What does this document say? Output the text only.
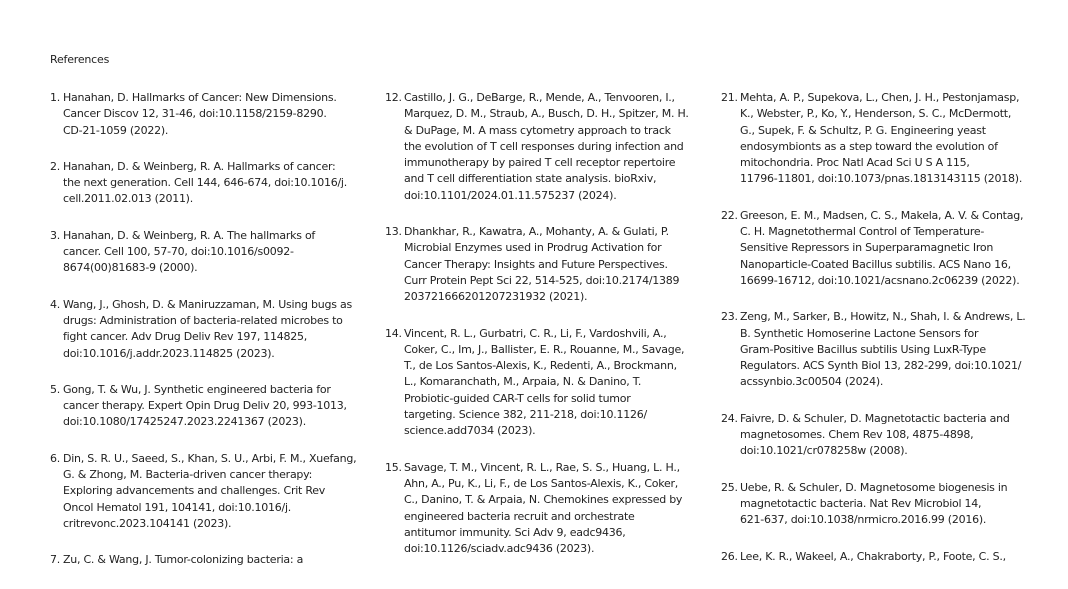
References
1. Hanahan, D. Hallmarks of Cancer: New Dimensions.
Cancer Discov 12, 31-46, doi:10.1158/2159-8290.
CD-21-1059 (2022).
2. Hanahan, D. & Weinberg, R. A. Hallmarks of cancer:
the next generation. Cell 144, 646-674, doi:10.1016/j.
cell.2011.02.013 (2011).
3. Hanahan, D. & Weinberg, R. A. The hallmarks of
cancer. Cell 100, 57-70, doi:10.1016/s0092-
8674(00)81683-9 (2000).
4. Wang, J., Ghosh, D. & Maniruzzaman, M. Using bugs as
drugs: Administration of bacteria-related microbes to
fight cancer. Adv Drug Deliv Rev 197, 114825,
doi:10.1016/j.addr.2023.114825 (2023).
5. Gong, T. & Wu, J. Synthetic engineered bacteria for
cancer therapy. Expert Opin Drug Deliv 20, 993-1013,
doi:10.1080/17425247.2023.2241367 (2023).
6. Din, S. R. U., Saeed, S., Khan, S. U., Arbi, F. M., Xuefang,
G. & Zhong, M. Bacteria-driven cancer therapy:
Exploring advancements and challenges. Crit Rev
Oncol Hematol 191, 104141, doi:10.1016/j.
critrevonc.2023.104141 (2023).
7. Zu, C. & Wang, J. Tumor-colonizing bacteria: a
12. Castillo, J. G., DeBarge, R., Mende, A., Tenvooren, I.,
Marquez, D. M., Straub, A., Busch, D. H., Spitzer, M. H.
& DuPage, M. A mass cytometry approach to track
the evolution of T cell responses during infection and
immunotherapy by paired T cell receptor repertoire
and T cell differentiation state analysis. bioRxiv,
doi:10.1101/2024.01.11.575237 (2024).
13. Dhankhar, R., Kawatra, A., Mohanty, A. & Gulati, P.
Microbial Enzymes used in Prodrug Activation for
Cancer Therapy: Insights and Future Perspectives.
Curr Protein Pept Sci 22, 514-525, doi:10.2174/1389
203721666201207231932 (2021).
14. Vincent, R. L., Gurbatri, C. R., Li, F., Vardoshvili, A.,
Coker, C., Im, J., Ballister, E. R., Rouanne, M., Savage,
T., de Los Santos-Alexis, K., Redenti, A., Brockmann,
L., Komaranchath, M., Arpaia, N. & Danino, T.
Probiotic-guided CAR-T cells for solid tumor
targeting. Science 382, 211-218, doi:10.1126/
science.add7034 (2023).
15. Savage, T. M., Vincent, R. L., Rae, S. S., Huang, L. H.,
Ahn, A., Pu, K., Li, F., de Los Santos-Alexis, K., Coker,
C., Danino, T. & Arpaia, N. Chemokines expressed by
engineered bacteria recruit and orchestrate
antitumor immunity. Sci Adv 9, eadc9436,
doi:10.1126/sciadv.adc9436 (2023).
21. Mehta, A. P., Supekova, L., Chen, J. H., Pestonjamasp,
K., Webster, P., Ko, Y., Henderson, S. C., McDermott,
G., Supek, F. & Schultz, P. G. Engineering yeast
endosymbionts as a step toward the evolution of
mitochondria. Proc Natl Acad Sci U S A 115,
11796-11801, doi:10.1073/pnas.1813143115 (2018).
22. Greeson, E. M., Madsen, C. S., Makela, A. V. & Contag,
C. H. Magnetothermal Control of Temperature-
Sensitive Repressors in Superparamagnetic Iron
Nanoparticle-Coated Bacillus subtilis. ACS Nano 16,
16699-16712, doi:10.1021/acsnano.2c06239 (2022).
23. Zeng, M., Sarker, B., Howitz, N., Shah, I. & Andrews, L.
B. Synthetic Homoserine Lactone Sensors for
Gram-Positive Bacillus subtilis Using LuxR-Type
Regulators. ACS Synth Biol 13, 282-299, doi:10.1021/
acssynbio.3c00504 (2024).
24. Faivre, D. & Schuler, D. Magnetotactic bacteria and
magnetosomes. Chem Rev 108, 4875-4898,
doi:10.1021/cr078258w (2008).
25. Uebe, R. & Schuler, D. Magnetosome biogenesis in
magnetotactic bacteria. Nat Rev Microbiol 14,
621-637, doi:10.1038/nrmicro.2016.99 (2016).
26. Lee, K. R., Wakeel, A., Chakraborty, P., Foote, C. S.,
